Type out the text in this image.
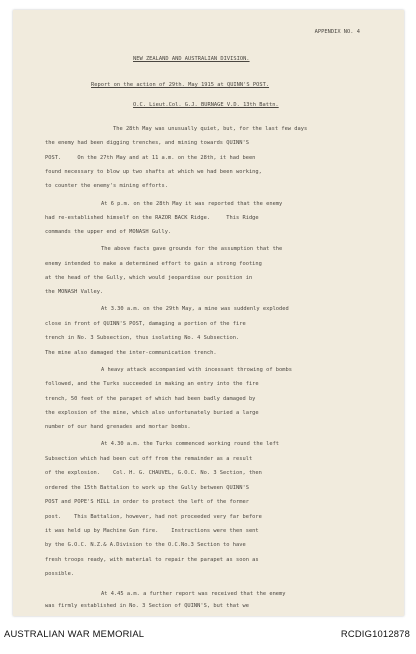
APPENDIX NO. 4
NEW ZEALAND AND AUSTRALIAN DIVISION.
Report on the action of 29th. May 1915 at QUINN'S POST.
O.C. Lieut.Col. G.J. BURNAGE V.D. 13th Battn.
The 28th May was unusually quiet, but, for the last few days
the enemy had been digging trenches, and mining towards QUINN'S
POST.     On the 27th May and at 11 a.m. on the 28th, it had been
found necessary to blow up two shafts at which we had been working,
to counter the enemy's mining efforts.
At 6 p.m. on the 28th May it was reported that the enemy
had re-established himself on the RAZOR BACK Ridge.     This Ridge
commands the upper end of MONASH Gully.
The above facts gave grounds for the assumption that the
enemy intended to make a determined effort to gain a strong footing
at the head of the Gully, which would jeopardise our position in
the MONASH Valley.
At 3.30 a.m. on the 29th May, a mine was suddenly exploded
close in front of QUINN'S POST, damaging a portion of the fire
trench in No. 3 Subsection, thus isolating No. 4 Subsection.
The mine also damaged the inter-communication trench.
A heavy attack accompanied with incessant throwing of bombs
followed, and the Turks succeeded in making an entry into the fire
trench, 50 feet of the parapet of which had been badly damaged by
the explosion of the mine, which also unfortunately buried a large
number of our hand grenades and mortar bombs.
At 4.30 a.m. the Turks commenced working round the left
Subsection which had been cut off from the remainder as a result
of the explosion.    Col. H. G. CHAUVEL, G.O.C. No. 3 Section, then
ordered the 15th Battalion to work up the Gully between QUINN'S
POST and POPE'S HILL in order to protect the left of the former
post.    This Battalion, however, had not proceeded very far before
it was held up by Machine Gun fire.    Instructions were then sent
by the G.O.C. N.Z.& A.Division to the O.C.No.3 Section to have
fresh troops ready, with material to repair the parapet as soon as
possible.
At 4.45 a.m. a further report was received that the enemy
was firmly established in No. 3 Section of QUINN'S, but that we
AUSTRALIAN WAR MEMORIAL	RCDIG1012878
